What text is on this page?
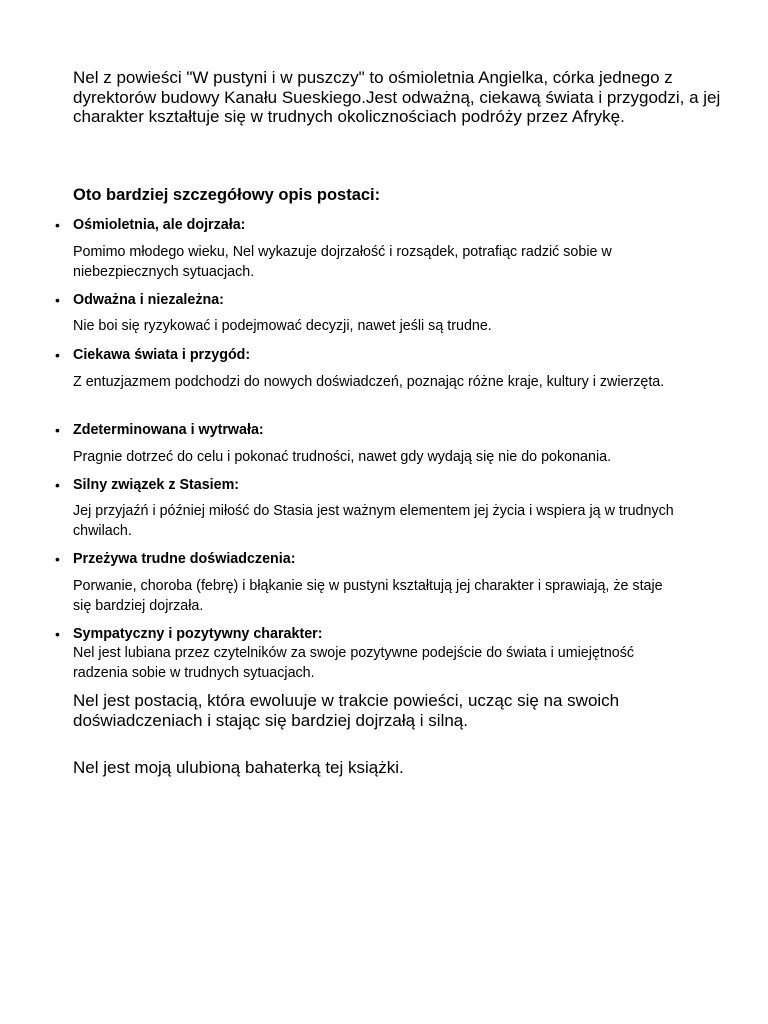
Nel z powieści "W pustyni i w puszczy" to ośmioletnia Angielka, córka jednego z dyrektorów budowy Kanału Sueskiego.Jest odważną, ciekawą świata i przygodzi, a jej charakter kształtuje się w trudnych okolicznościach podróży przez Afrykę.

Oto bardziej szczegółowy opis postaci:

• Ośmioletnia, ale dojrzała:
Pomimo młodego wieku, Nel wykazuje dojrzałość i rozsądek, potrafiąc radzić sobie w niebezpiecznych sytuacjach.
• Odważna i niezależna:
Nie boi się ryzykować i podejmować decyzji, nawet jeśli są trudne.
• Ciekawa świata i przygód:
Z entuzjazmem podchodzi do nowych doświadczeń, poznając różne kraje, kultury i zwierzęta.
• Zdeterminowana i wytrwała:
Pragnie dotrzeć do celu i pokonać trudności, nawet gdy wydają się nie do pokonania.
• Silny związek z Stasiem:
Jej przyjaźń i później miłość do Stasia jest ważnym elementem jej życia i wspiera ją w trudnych chwilach.
• Przeżywa trudne doświadczenia:
Porwanie, choroba (febrę) i błąkanie się w pustyni kształtują jej charakter i sprawiają, że staje się bardziej dojrzała.
• Sympatyczny i pozytywny charakter:
Nel jest lubiana przez czytelników za swoje pozytywne podejście do świata i umiejętność radzenia sobie w trudnych sytuacjach.

Nel jest postacią, która ewoluuje w trakcie powieści, ucząc się na swoich doświadczeniach i stając się bardziej dojrzałą i silną.

Nel jest moją ulubioną bahaterką tej książki.
